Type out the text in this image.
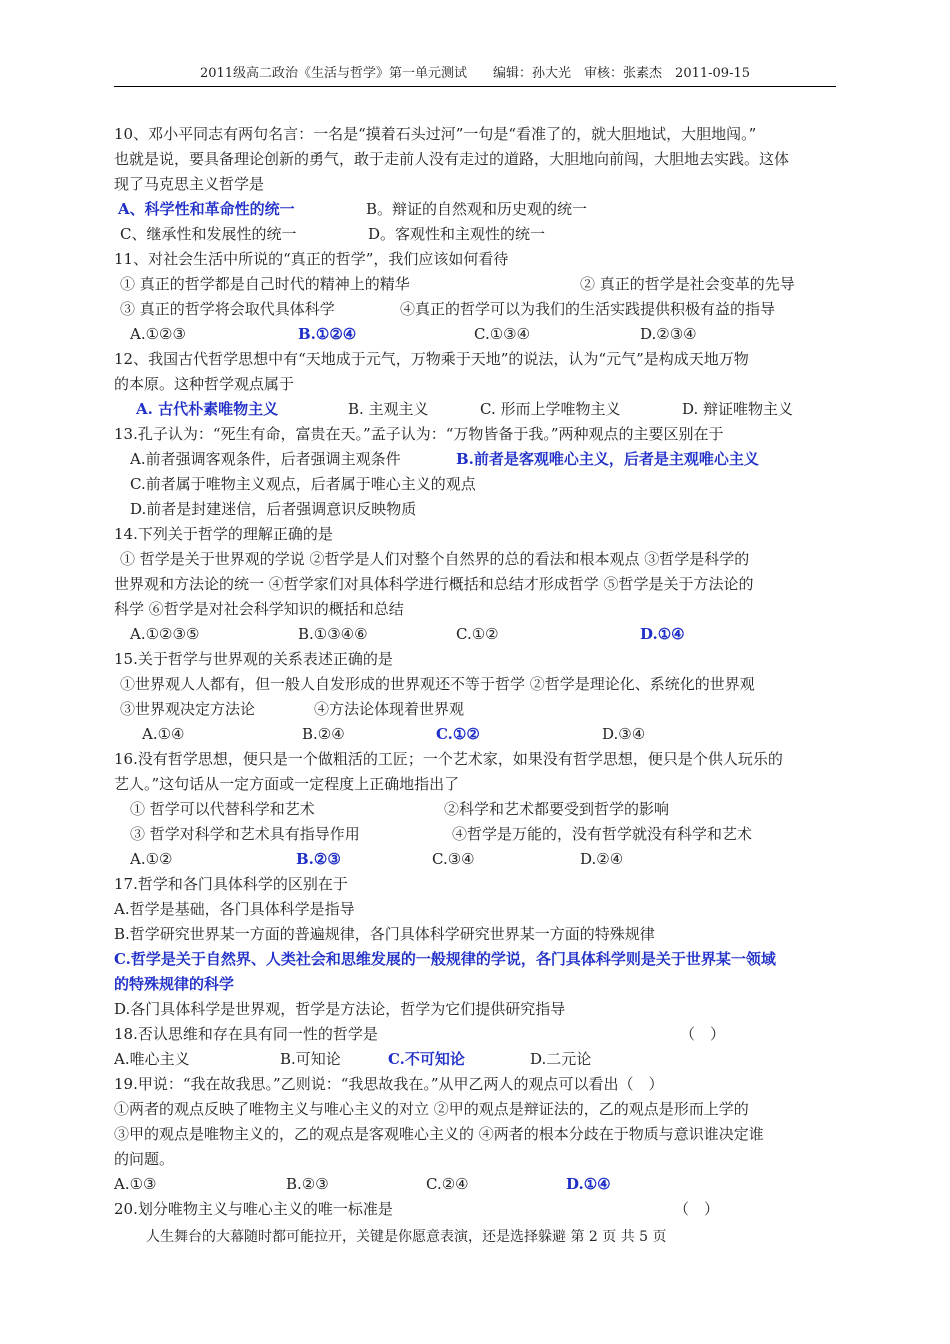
2011级高二政治《生活与哲学》第一单元测试　　编辑：孙大光　审核：张素杰　2011-09-15
10、邓小平同志有两句名言：一名是“摸着石头过河”一句是“看准了的，就大胆地试，大胆地闯。”
也就是说，要具备理论创新的勇气，敢于走前人没有走过的道路，大胆地向前闯，大胆地去实践。这体
现了马克思主义哲学是
A、科学性和革命性的统一	B。辩证的自然观和历史观的统一
C、继承性和发展性的统一	D。客观性和主观性的统一
11、对社会生活中所说的“真正的哲学”，我们应该如何看待
① 真正的哲学都是自己时代的精神上的精华	② 真正的哲学是社会变革的先导
③ 真正的哲学将会取代具体科学	④真正的哲学可以为我们的生活实践提供积极有益的指导
A.①②③	B.①②④	C.①③④	D.②③④
12、我国古代哲学思想中有“天地成于元气，万物乘于天地”的说法，认为“元气”是构成天地万物
的本原。这种哲学观点属于
A. 古代朴素唯物主义	B. 主观主义	C. 形而上学唯物主义	D. 辩证唯物主义
13.孔子认为：“死生有命，富贵在天。”孟子认为：“万物皆备于我。”两种观点的主要区别在于
A.前者强调客观条件，后者强调主观条件	B.前者是客观唯心主义，后者是主观唯心主义
C.前者属于唯物主义观点，后者属于唯心主义的观点
D.前者是封建迷信，后者强调意识反映物质
14.下列关于哲学的理解正确的是
① 哲学是关于世界观的学说 ②哲学是人们对整个自然界的总的看法和根本观点 ③哲学是科学的
世界观和方法论的统一 ④哲学家们对具体科学进行概括和总结才形成哲学 ⑤哲学是关于方法论的
科学 ⑥哲学是对社会科学知识的概括和总结
A.①②③⑤	B.①③④⑥	C.①②	D.①④
15.关于哲学与世界观的关系表述正确的是
①世界观人人都有，但一般人自发形成的世界观还不等于哲学 ②哲学是理论化、系统化的世界观
③世界观决定方法论	④方法论体现着世界观
A.①④	B.②④	C.①②	D.③④
16.没有哲学思想，便只是一个做粗活的工匠；一个艺术家，如果没有哲学思想，便只是个供人玩乐的
艺人。”这句话从一定方面或一定程度上正确地指出了
① 哲学可以代替科学和艺术	②科学和艺术都要受到哲学的影响
③ 哲学对科学和艺术具有指导作用	④哲学是万能的，没有哲学就没有科学和艺术
A.①②	B.②③	C.③④	D.②④
17.哲学和各门具体科学的区别在于
A.哲学是基础，各门具体科学是指导
B.哲学研究世界某一方面的普遍规律，各门具体科学研究世界某一方面的特殊规律
C.哲学是关于自然界、人类社会和思维发展的一般规律的学说，各门具体科学则是关于世界某一领域
的特殊规律的科学
D.各门具体科学是世界观，哲学是方法论，哲学为它们提供研究指导
18.否认思维和存在具有同一性的哲学是	（　）
A.唯心主义	B.可知论	C.不可知论	D.二元论
19.甲说：“我在故我思。”乙则说：“我思故我在。”从甲乙两人的观点可以看出（　）
①两者的观点反映了唯物主义与唯心主义的对立 ②甲的观点是辩证法的，乙的观点是形而上学的
③甲的观点是唯物主义的，乙的观点是客观唯心主义的 ④两者的根本分歧在于物质与意识谁决定谁
的问题。
A.①③	B.②③	C.②④	D.①④
20.划分唯物主义与唯心主义的唯一标准是	（　）
人生舞台的大幕随时都可能拉开，关键是你愿意表演，还是选择躲避 第 2 页 共 5 页
